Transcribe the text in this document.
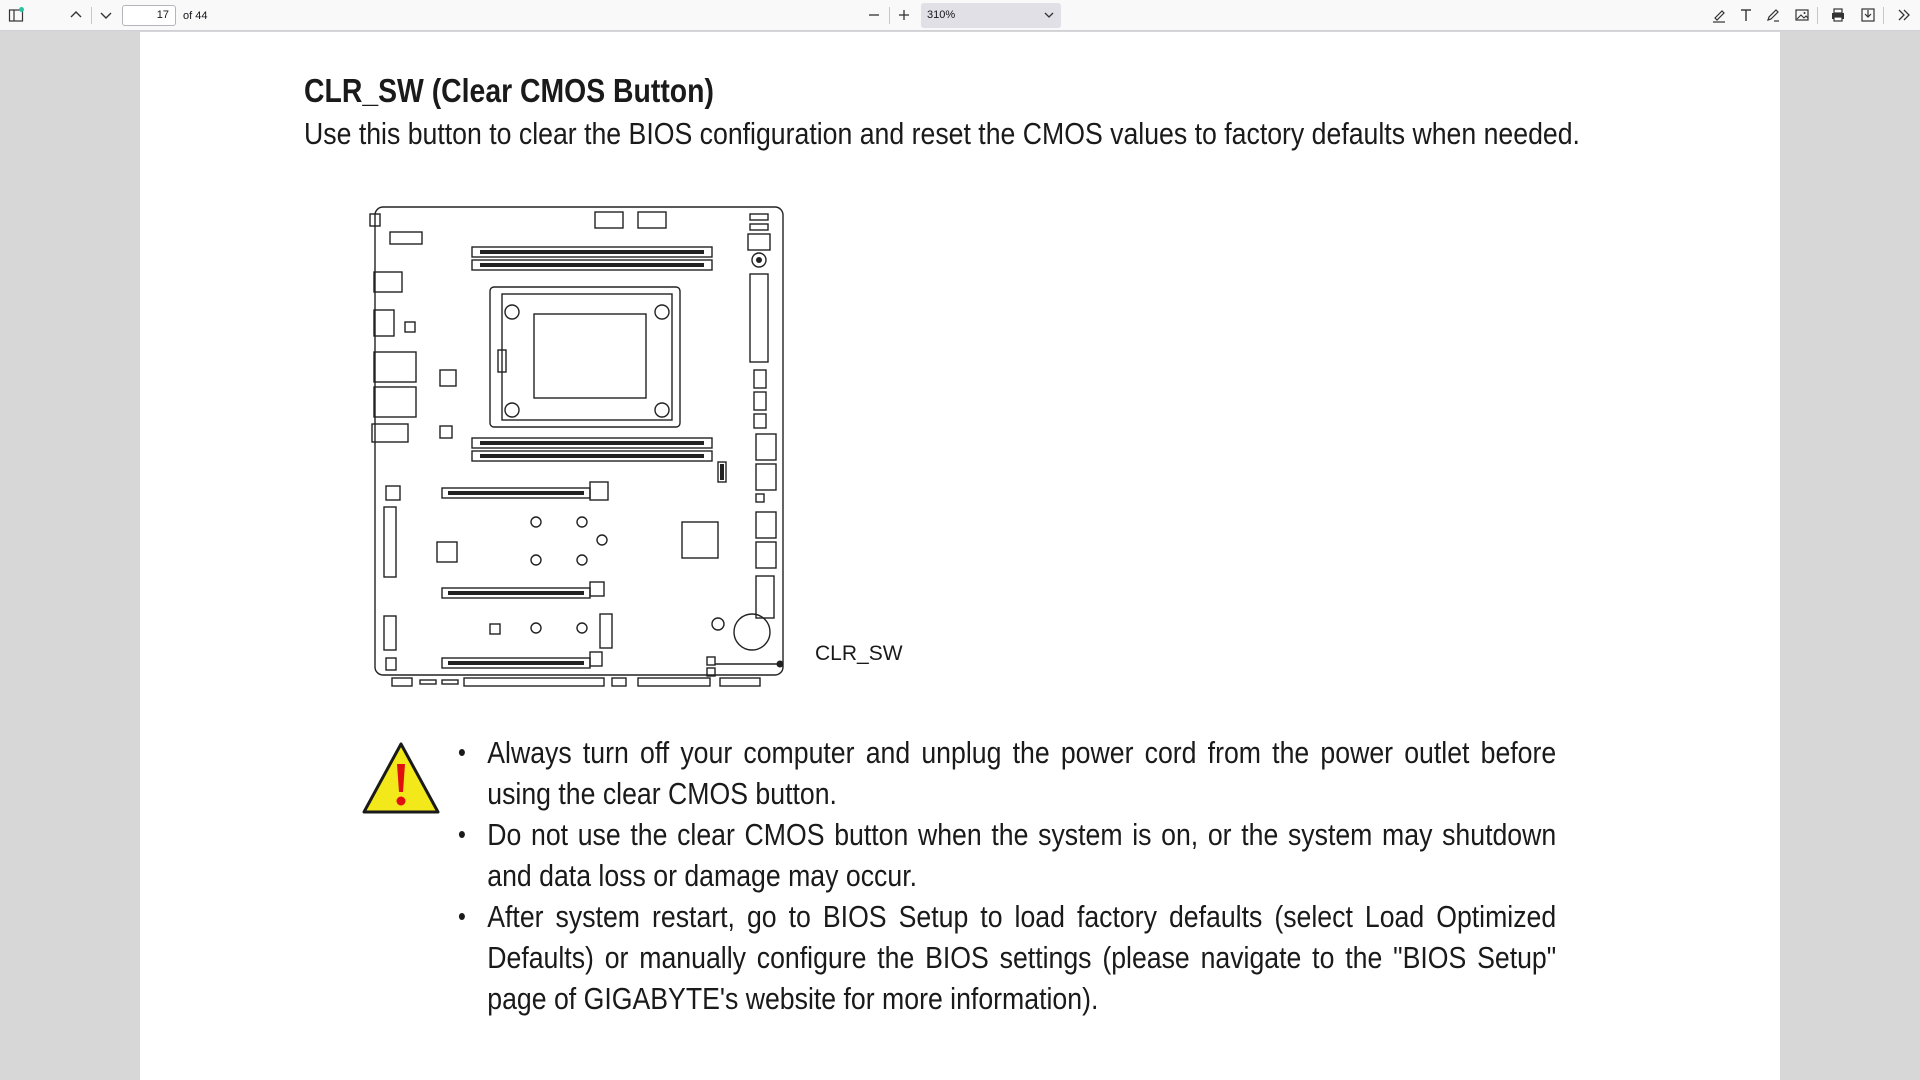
17	of 44	310%
CLR_SW (Clear CMOS Button)

Use this button to clear the BIOS configuration and reset the CMOS values to factory defaults when needed.

CLR_SW
• Always turn off your computer and unplug the power cord from the power outlet before using the clear CMOS button.
• Do not use the clear CMOS button when the system is on, or the system may shutdown and data loss or damage may occur.
• After system restart, go to BIOS Setup to load factory defaults (select Load Optimized Defaults) or manually configure the BIOS settings (please navigate to the "BIOS Setup" page of GIGABYTE's website for more information).
